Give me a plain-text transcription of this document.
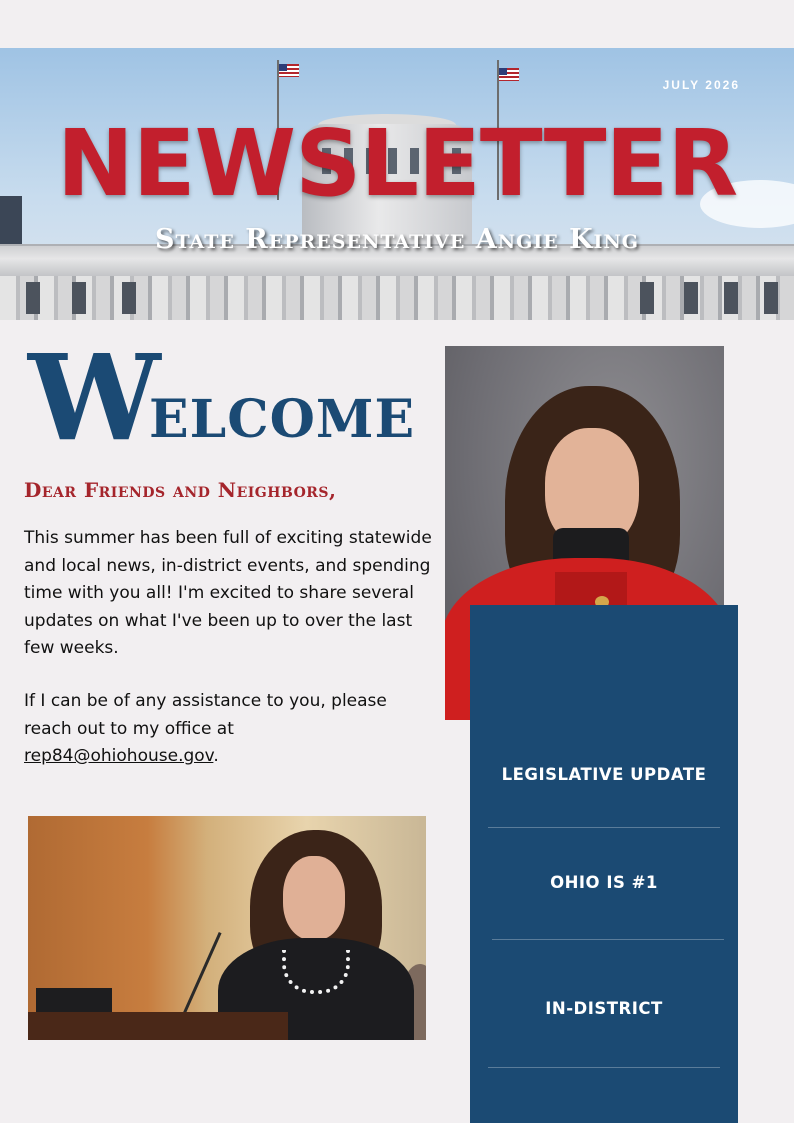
JULY 2026
NEWSLETTER
State Representative Angie King
W
ELCOME
Dear Friends and Neighbors,

This summer has been full of exciting statewide and local news, in-district events, and spending time with you all! I'm excited to share several updates on what I've been up to over the last few weeks.

If I can be of any assistance to you, please reach out to my office at rep84@ohiohouse.gov.

LEGISLATIVE UPDATE
OHIO IS #1
IN-DISTRICT
